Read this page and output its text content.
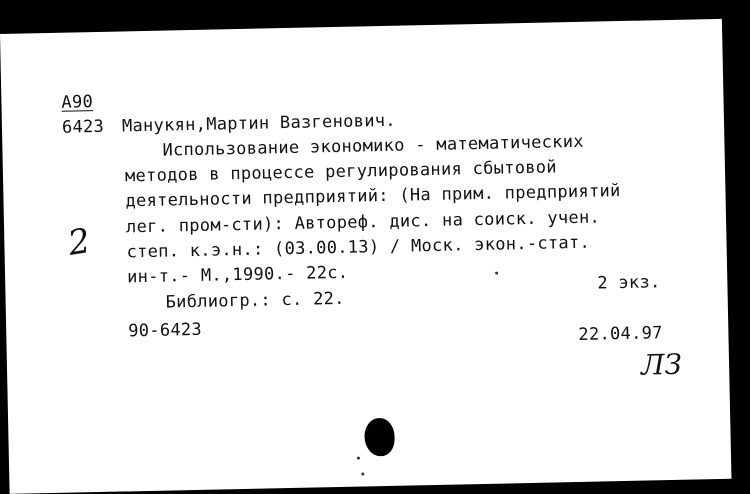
А90
6423 Манукян,Мартин Вазгенович.
Использование экономико - математических
методов в процессе регулирования сбытовой
деятельности предприятий: (На прим. предприятий
лег. пром-сти): Автореф. дис. на соиск. учен.
степ. к.э.н.: (03.00.13) / Моск. экон.-стат.
ин-т.- М.,1990.- 22с.	2 экз.
Библиогр.: с. 22.
90-6423	22.04.97
2
ЛЗ
